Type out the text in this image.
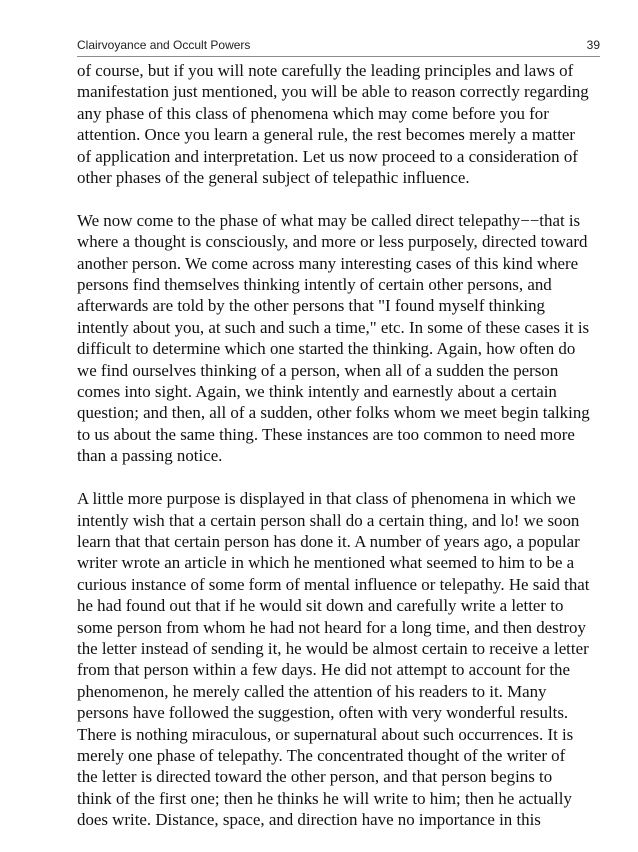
Clairvoyance and Occult Powers	39
of course, but if you will note carefully the leading principles and laws of
manifestation just mentioned, you will be able to reason correctly regarding
any phase of this class of phenomena which may come before you for
attention. Once you learn a general rule, the rest becomes merely a matter
of application and interpretation. Let us now proceed to a consideration of
other phases of the general subject of telepathic influence.
We now come to the phase of what may be called direct telepathy−−that is
where a thought is consciously, and more or less purposely, directed toward
another person. We come across many interesting cases of this kind where
persons find themselves thinking intently of certain other persons, and
afterwards are told by the other persons that "I found myself thinking
intently about you, at such and such a time," etc. In some of these cases it is
difficult to determine which one started the thinking. Again, how often do
we find ourselves thinking of a person, when all of a sudden the person
comes into sight. Again, we think intently and earnestly about a certain
question; and then, all of a sudden, other folks whom we meet begin talking
to us about the same thing. These instances are too common to need more
than a passing notice.
A little more purpose is displayed in that class of phenomena in which we
intently wish that a certain person shall do a certain thing, and lo! we soon
learn that that certain person has done it. A number of years ago, a popular
writer wrote an article in which he mentioned what seemed to him to be a
curious instance of some form of mental influence or telepathy. He said that
he had found out that if he would sit down and carefully write a letter to
some person from whom he had not heard for a long time, and then destroy
the letter instead of sending it, he would be almost certain to receive a letter
from that person within a few days. He did not attempt to account for the
phenomenon, he merely called the attention of his readers to it. Many
persons have followed the suggestion, often with very wonderful results.
There is nothing miraculous, or supernatural about such occurrences. It is
merely one phase of telepathy. The concentrated thought of the writer of
the letter is directed toward the other person, and that person begins to
think of the first one; then he thinks he will write to him; then he actually
does write. Distance, space, and direction have no importance in this
